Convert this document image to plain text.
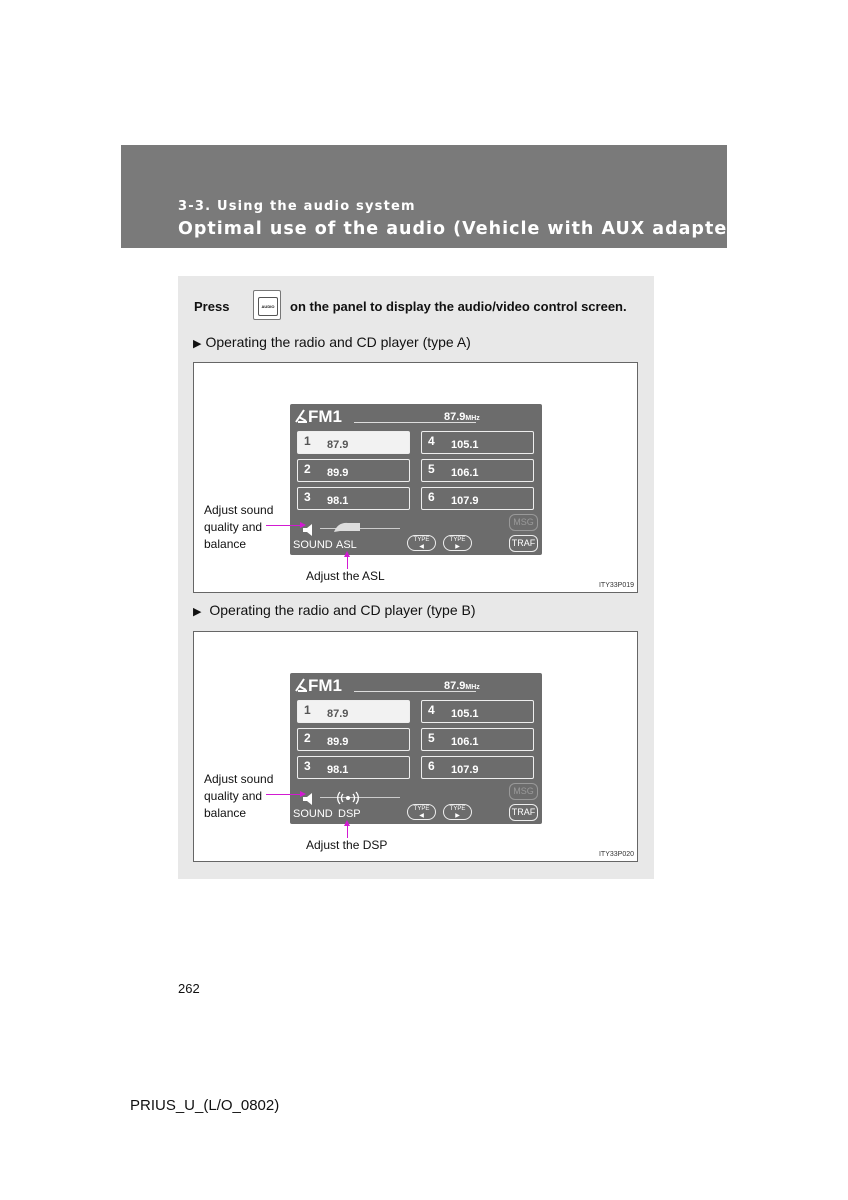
3-3. Using the audio system
Optimal use of the audio (Vehicle with AUX adapter)
Press	AUDIO on the panel to display the audio/video control screen.
▶ Operating the radio and CD player (type A)
FM1	87.9MHz
1 87.9
2 89.9
3 98.1
4 105.1
5 106.1
6 107.9
SOUND ASL	TYPE
◀
TYPE
▶
MSG
TRAF
Adjust sound
quality and
balance
Adjust the ASL
ITY33P019
▶ Operating the radio and CD player (type B)
FM1	87.9MHz
1 87.9
2 89.9
3 98.1
4 105.1
5 106.1
6 107.9
SOUND DSP	TYPE
◀
TYPE
▶
MSG
TRAF
Adjust sound
quality and
balance
Adjust the DSP
ITY33P020
262
PRIUS_U_(L/O_0802)
